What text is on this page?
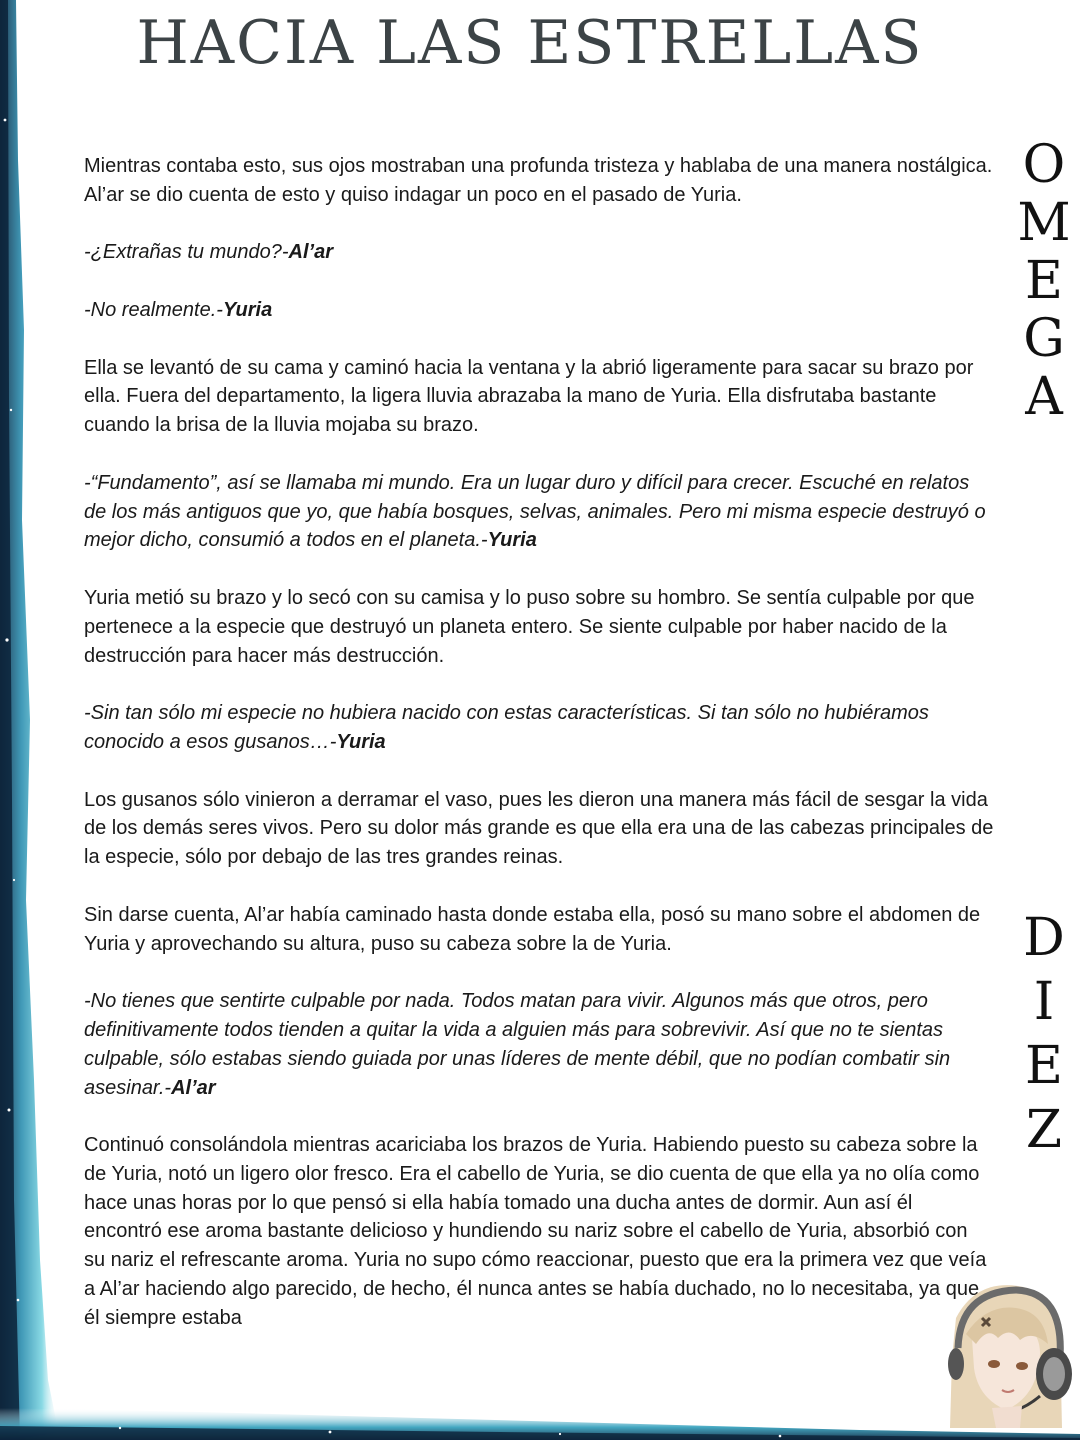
HACIA LAS ESTRELLAS
O
M
E
G
A
D
I
E
Z

Mientras contaba esto, sus ojos mostraban una profunda tristeza y hablaba de una manera nostálgica. Al’ar se dio cuenta de esto y quiso indagar un poco en el pasado de Yuria.

-¿Extrañas tu mundo?-Al’ar

-No realmente.-Yuria

Ella se levantó de su cama y caminó hacia la ventana y la abrió ligeramente para sacar su brazo por ella. Fuera del departamento, la ligera lluvia abrazaba la mano de Yuria. Ella disfrutaba bastante cuando la brisa de la lluvia mojaba su brazo.

-“Fundamento”, así se llamaba mi mundo. Era un lugar duro y difícil para crecer. Escuché en relatos de los más antiguos que yo, que había bosques, selvas, animales. Pero mi misma especie destruyó o mejor dicho, consumió a todos en el planeta.-Yuria

Yuria metió su brazo y lo secó con su camisa y lo puso sobre su hombro. Se sentía culpable por que pertenece a la especie que destruyó un planeta entero. Se siente culpable por haber nacido de la destrucción para hacer más destrucción.

-Sin tan sólo mi especie no hubiera nacido con estas características. Si tan sólo no hubiéramos conocido a esos gusanos…-Yuria

Los gusanos sólo vinieron a derramar el vaso, pues les dieron una manera más fácil de sesgar la vida de los demás seres vivos. Pero su dolor más grande es que ella era una de las cabezas principales de la especie, sólo por debajo de las tres grandes reinas.

Sin darse cuenta, Al’ar había caminado hasta donde estaba ella, posó su mano sobre el abdomen de Yuria y aprovechando su altura, puso su cabeza sobre la de Yuria.

-No tienes que sentirte culpable por nada. Todos matan para vivir. Algunos más que otros, pero definitivamente todos tienden a quitar la vida a alguien más para sobrevivir. Así que no te sientas culpable, sólo estabas siendo guiada por unas líderes de mente débil, que no podían combatir sin asesinar.-Al’ar

Continuó consolándola mientras acariciaba los brazos de Yuria. Habiendo puesto su cabeza sobre la de Yuria, notó un ligero olor fresco. Era el cabello de Yuria, se dio cuenta de que ella ya no olía como hace unas horas por lo que pensó si ella había tomado una ducha antes de dormir. Aun así él encontró ese aroma bastante delicioso y hundiendo su nariz sobre el cabello de Yuria, absorbió con su nariz el refrescante aroma. Yuria no supo cómo reaccionar, puesto que era la primera vez que veía a Al’ar haciendo algo parecido, de hecho, él nunca antes se había duchado, no lo necesitaba, ya que él siempre estaba
